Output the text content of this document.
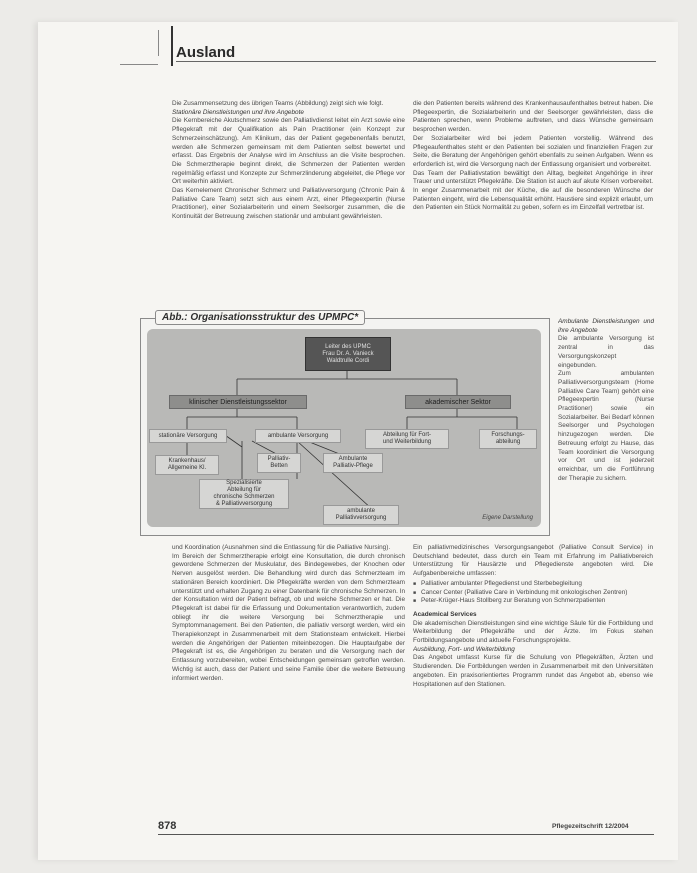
Ausland

Die Zusammensetzung des übrigen Teams (Abbildung) zeigt sich wie folgt.

Stationäre Dienstleistungen und ihre Angebote

Die Kernbereiche Akutschmerz sowie den Palliativdienst leitet ein Arzt sowie eine Pflegekraft mit der Qualifikation als Pain Practitioner (ein Konzept zur Schmerzeinschätzung). Am Klinikum, das der Patient gegebenenfalls benutzt, werden alle Schmerzen gemeinsam mit dem Patienten selbst bewertet und erfasst. Das Ergebnis der Analyse wird im Anschluss an die Visite besprochen. Die Schmerztherapie beginnt direkt, die Schmerzen der Patienten werden regelmäßig erfasst und Konzepte zur Schmerzlinderung abgeleitet, die Pflege vor Ort weiterhin aktiviert.

Das Kernelement Chronischer Schmerz und Palliativversorgung (Chronic Pain & Palliative Care Team) setzt sich aus einem Arzt, einer Pflegeexpertin (Nurse Practitioner), einer Sozialarbeiterin und einem Seelsorger zusammen, die die Kontinuität der Betreuung zwischen stationär und ambulant gewährleisten.

die den Patienten bereits während des Krankenhausaufenthaltes betreut haben. Die Pflegeexpertin, die Sozialarbeiterin und der Seelsorger gewährleisten, dass die Patienten sprechen, wenn Probleme auftreten, und dass Wünsche gemeinsam besprochen werden.

Der Sozialarbeiter wird bei jedem Patienten vorstellig. Während des Pflegeaufenthaltes steht er den Patienten bei sozialen und finanziellen Fragen zur Seite, die Beratung der Angehörigen gehört ebenfalls zu seinen Aufgaben. Wenn es erforderlich ist, wird die Versorgung nach der Entlassung organisiert und vorbereitet.

Das Team der Palliativstation bewältigt den Alltag, begleitet Angehörige in ihrer Trauer und unterstützt Pflegekräfte. Die Station ist auch auf akute Krisen vorbereitet. In enger Zusammenarbeit mit der Küche, die auf die besonderen Wünsche der Patienten eingeht, wird die Lebensqualität erhöht. Haustiere sind explizit erlaubt, um den Patienten ein Stück Normalität zu geben, sofern es im Einzelfall vertretbar ist.

Ambulante Dienstleistungen und ihre Angebote

Die ambulante Versorgung ist zentral in das Versorgungskonzept eingebunden.

Zum ambulanten Palliativversorgungsteam (Home Palliative Care Team) gehört eine Pflegeexpertin (Nurse Practitioner) sowie ein Sozialarbeiter. Bei Bedarf können Seelsorger und Psychologen hinzugezogen werden. Die Betreuung erfolgt zu Hause, das Team koordiniert die Versorgung vor Ort und ist jederzeit erreichbar, um die Fortführung der Therapie zu sichern.

Abb.: Organisationsstruktur des UPMPC*
Leiter des UPMC
Frau Dr. A. Vanieck
Waldtrulle Cordi
klinischer Dienstleistungssektor	akademischer Sektor
stationäre Versorgung	ambulante Versorgung	Abteilung für Fort-
und Weiterbildung
Forschungs-
abteilung
Krankenhaus/
Allgemeine Kl.
Palliativ-
Betten
Ambulante
Palliativ-Pflege
Spezialisierte
Abteilung für
chronische Schmerzen
& Palliativversorgung
ambulante
Palliativversorgung	Eigene Darstellung

und Koordination (Ausnahmen sind die Entlassung für die Palliative Nursing).

Im Bereich der Schmerztherapie erfolgt eine Konsultation, die durch chronisch gewordene Schmerzen der Muskulatur, des Bindegewebes, der Knochen oder Nerven ausgelöst werden. Die Behandlung wird durch das Schmerzteam im stationären Bereich koordiniert. Die Pflegekräfte werden von dem Schmerzteam unterstützt und erhalten Zugang zu einer Datenbank für chronische Schmerzen. In der Konsultation wird der Patient befragt, ob und welche Schmerzen er hat. Die Pflegekraft ist dabei für die Erfassung und Dokumentation verantwortlich, zudem obliegt ihr die weitere Versorgung bei Schmerztherapie und Symptommanagement. Bei den Patienten, die palliativ versorgt werden, wird ein Therapiekonzept in Zusammenarbeit mit dem Stationsteam entwickelt. Hierbei werden die Angehörigen der Patienten miteinbezogen. Die Hauptaufgabe der Pflegekraft ist es, die Angehörigen zu beraten und die Versorgung nach der Entlassung vorzubereiten, wobei Entscheidungen gemeinsam getroffen werden. Wichtig ist auch, dass der Patient und seine Familie über die weitere Betreuung informiert werden.

Ein palliativmedizinisches Versorgungsangebot (Palliative Consult Service) in Deutschland bedeutet, dass durch ein Team mit Erfahrung im Palliativbereich Unterstützung für Hausärzte und Pflegedienste angeboten wird. Die Aufgabenbereiche umfassen:

■ Palliativer ambulanter Pflegedienst und Sterbebegleitung
■ Cancer Center (Palliative Care in Verbindung mit onkologischen Zentren)
■ Peter-Krüger-Haus Stollberg zur Beratung von Schmerzpatienten

Academical Services

Die akademischen Dienstleistungen sind eine wichtige Säule für die Fortbildung und Weiterbildung der Pflegekräfte und der Ärzte. Im Fokus stehen Fortbildungsangebote und aktuelle Forschungsprojekte.

Ausbildung, Fort- und Weiterbildung

Das Angebot umfasst Kurse für die Schulung von Pflegekräften, Ärzten und Studierenden. Die Fortbildungen werden in Zusammenarbeit mit den Universitäten angeboten. Ein praxisorientiertes Programm rundet das Angebot ab, ebenso wie Hospitationen auf den Stationen.

878	Pflegezeitschrift 12/2004
